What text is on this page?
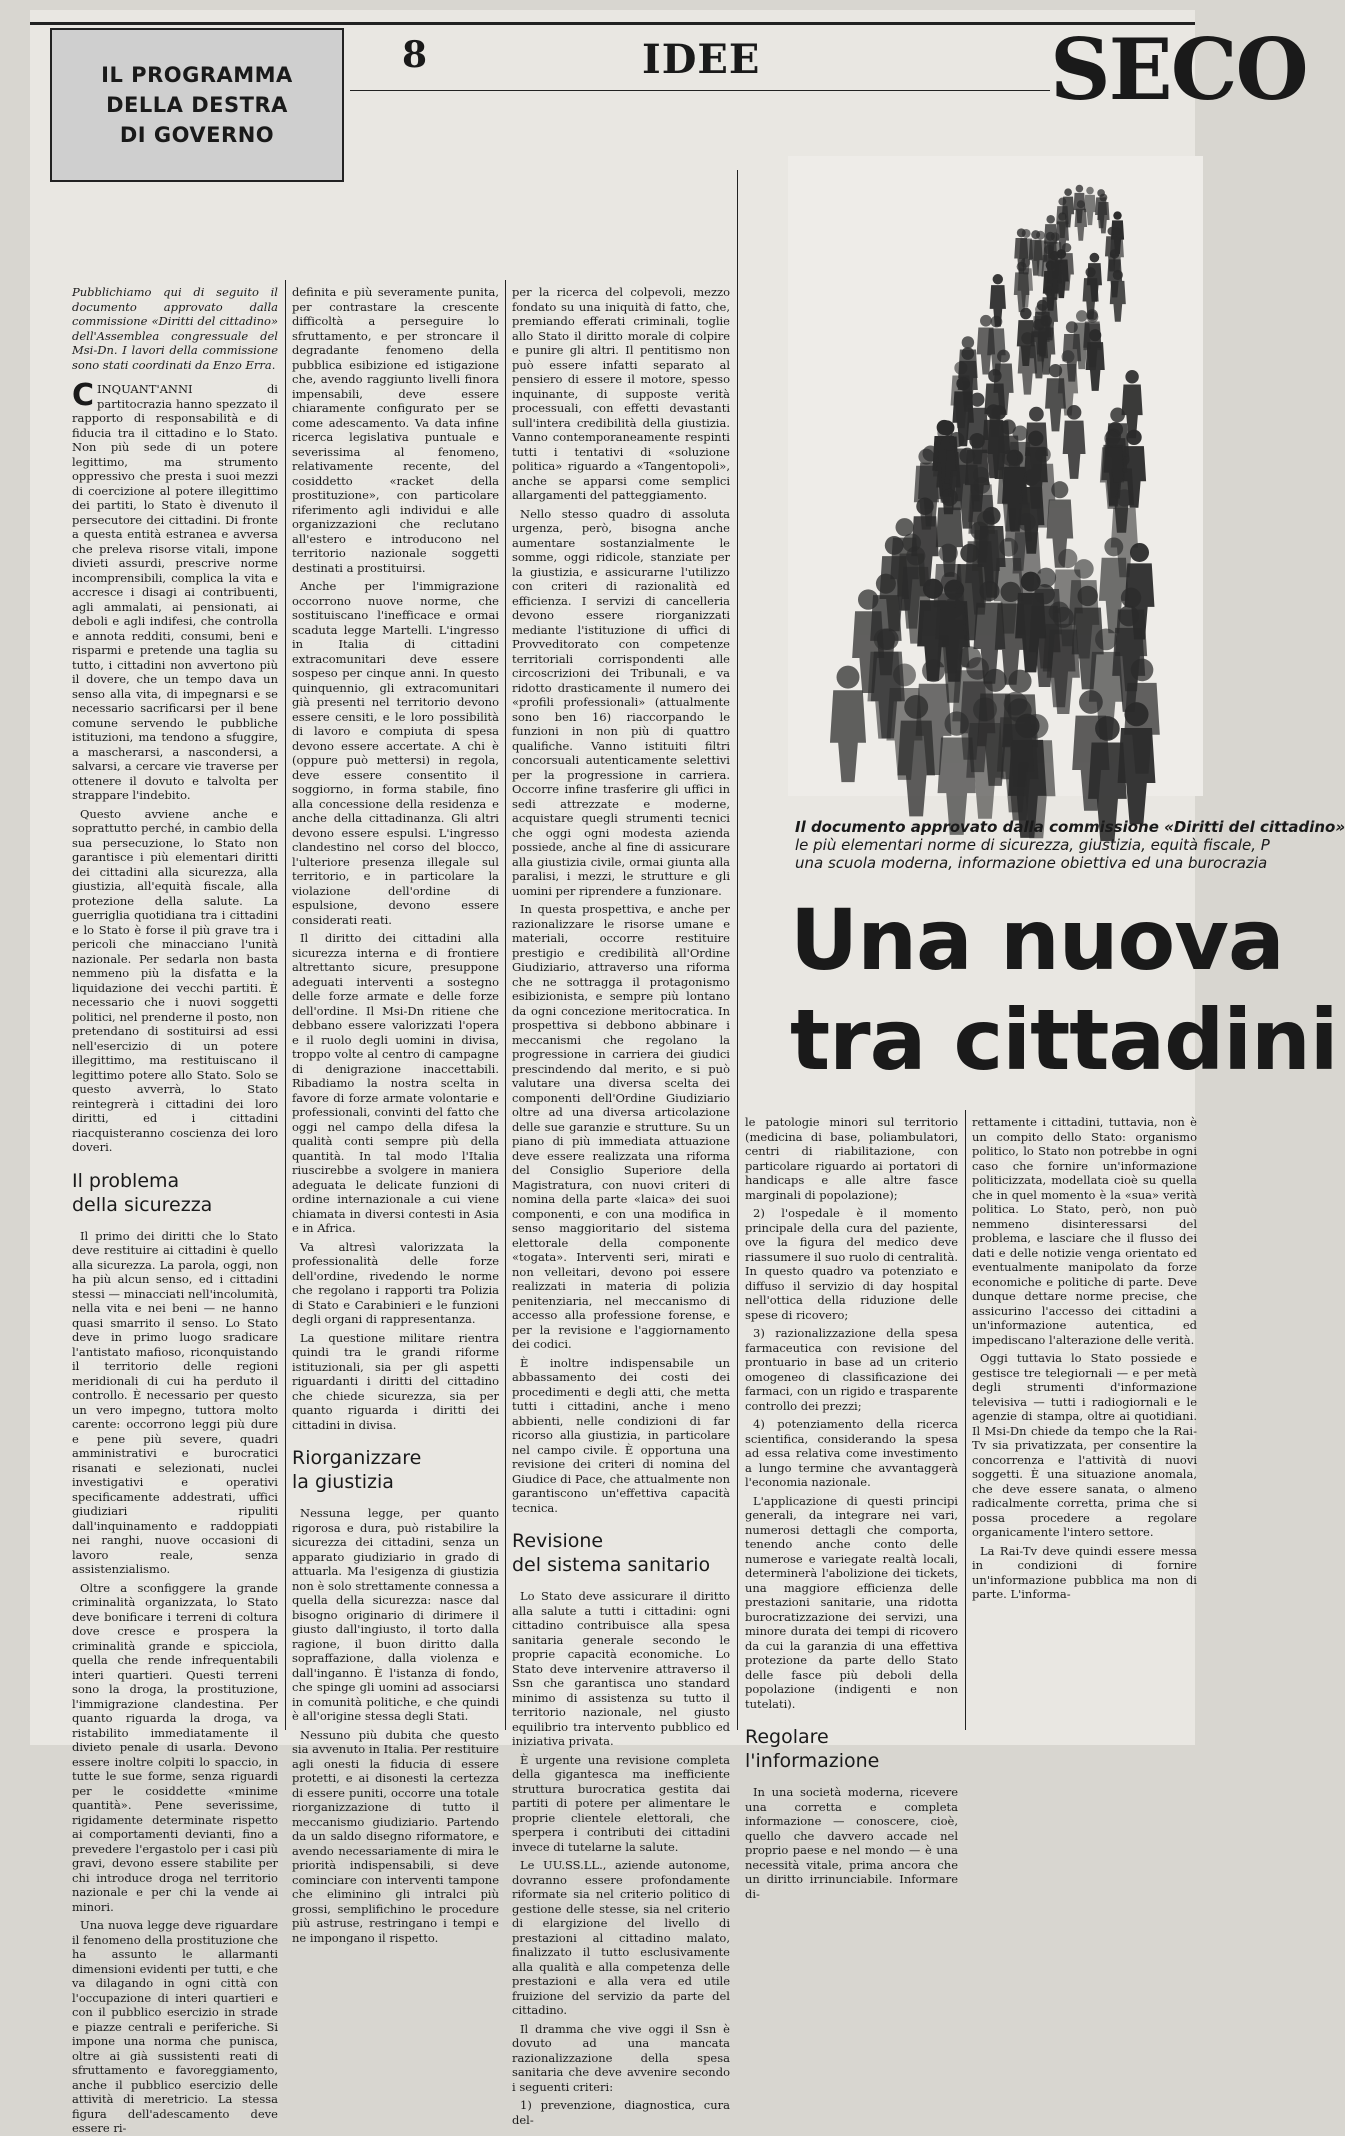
IL PROGRAMMA
DELLA DESTRA
DI GOVERNO
8	IDEE	SECO
Pubblichiamo qui di seguito il documento approvato dalla commissione «Diritti del cittadino» dell'Assemblea congressuale del Msi-Dn. I lavori della commissione sono stati coordinati da Enzo Erra.

CINQUANT'ANNI di partitocrazia hanno spezzato il rapporto di responsabilità e di fiducia tra il cittadino e lo Stato. Non più sede di un potere legittimo, ma strumento oppressivo che presta i suoi mezzi di coercizione al potere illegittimo dei partiti, lo Stato è divenuto il persecutore dei cittadini. Di fronte a questa entità estranea e avversa che preleva risorse vitali, impone divieti assurdi, prescrive norme incomprensibili, complica la vita e accresce i disagi ai contribuenti, agli ammalati, ai pensionati, ai deboli e agli indifesi, che controlla e annota redditi, consumi, beni e risparmi e pretende una taglia su tutto, i cittadini non avvertono più il dovere, che un tempo dava un senso alla vita, di impegnarsi e se necessario sacrificarsi per il bene comune servendo le pubbliche istituzioni, ma tendono a sfuggire, a mascherarsi, a nascondersi, a salvarsi, a cercare vie traverse per ottenere il dovuto e talvolta per strappare l'indebito.

Questo avviene anche e soprattutto perché, in cambio della sua persecuzione, lo Stato non garantisce i più elementari diritti dei cittadini alla sicurezza, alla giustizia, all'equità fiscale, alla protezione della salute. La guerriglia quotidiana tra i cittadini e lo Stato è forse il più grave tra i pericoli che minacciano l'unità nazionale. Per sedarla non basta nemmeno più la disfatta e la liquidazione dei vecchi partiti. È necessario che i nuovi soggetti politici, nel prenderne il posto, non pretendano di sostituirsi ad essi nell'esercizio di un potere illegittimo, ma restituiscano il legittimo potere allo Stato. Solo se questo avverrà, lo Stato reintegrerà i cittadini dei loro diritti, ed i cittadini riacquisteranno coscienza dei loro doveri.

Il problema
della sicurezza

Il primo dei diritti che lo Stato deve restituire ai cittadini è quello alla sicurezza. La parola, oggi, non ha più alcun senso, ed i cittadini stessi — minacciati nell'incolumità, nella vita e nei beni — ne hanno quasi smarrito il senso. Lo Stato deve in primo luogo sradicare l'antistato mafioso, riconquistando il territorio delle regioni meridionali di cui ha perduto il controllo. È necessario per questo un vero impegno, tuttora molto carente: occorrono leggi più dure e pene più severe, quadri amministrativi e burocratici risanati e selezionati, nuclei investigativi e operativi specificamente addestrati, uffici giudiziari ripuliti dall'inquinamento e raddoppiati nei ranghi, nuove occasioni di lavoro reale, senza assistenzialismo.

Oltre a sconfiggere la grande criminalità organizzata, lo Stato deve bonificare i terreni di coltura dove cresce e prospera la criminalità grande e spicciola, quella che rende infrequentabili interi quartieri. Questi terreni sono la droga, la prostituzione, l'immigrazione clandestina. Per quanto riguarda la droga, va ristabilito immediatamente il divieto penale di usarla. Devono essere inoltre colpiti lo spaccio, in tutte le sue forme, senza riguardi per le cosiddette «minime quantità». Pene severissime, rigidamente determinate rispetto ai comportamenti devianti, fino a prevedere l'ergastolo per i casi più gravi, devono essere stabilite per chi introduce droga nel territorio nazionale e per chi la vende ai minori.

Una nuova legge deve riguardare il fenomeno della prostituzione che ha assunto le allarmanti dimensioni evidenti per tutti, e che va dilagando in ogni città con l'occupazione di interi quartieri e con il pubblico esercizio in strade e piazze centrali e periferiche. Si impone una norma che punisca, oltre ai già sussistenti reati di sfruttamento e favoreggiamento, anche il pubblico esercizio delle attività di meretricio. La stessa figura dell'adescamento deve essere ri-

definita e più severamente punita, per contrastare la crescente difficoltà a perseguire lo sfruttamento, e per stroncare il degradante fenomeno della pubblica esibizione ed istigazione che, avendo raggiunto livelli finora impensabili, deve essere chiaramente configurato per se come adescamento. Va data infine ricerca legislativa puntuale e severissima al fenomeno, relativamente recente, del cosiddetto «racket della prostituzione», con particolare riferimento agli individui e alle organizzazioni che reclutano all'estero e introducono nel territorio nazionale soggetti destinati a prostituirsi.

Anche per l'immigrazione occorrono nuove norme, che sostituiscano l'inefficace e ormai scaduta legge Martelli. L'ingresso in Italia di cittadini extracomunitari deve essere sospeso per cinque anni. In questo quinquennio, gli extracomunitari già presenti nel territorio devono essere censiti, e le loro possibilità di lavoro e compiuta di spesa devono essere accertate. A chi è (oppure può mettersi) in regola, deve essere consentito il soggiorno, in forma stabile, fino alla concessione della residenza e anche della cittadinanza. Gli altri devono essere espulsi. L'ingresso clandestino nel corso del blocco, l'ulteriore presenza illegale sul territorio, e in particolare la violazione dell'ordine di espulsione, devono essere considerati reati.

Il diritto dei cittadini alla sicurezza interna e di frontiere altrettanto sicure, presuppone adeguati interventi a sostegno delle forze armate e delle forze dell'ordine. Il Msi-Dn ritiene che debbano essere valorizzati l'opera e il ruolo degli uomini in divisa, troppo volte al centro di campagne di denigrazione inaccettabili. Ribadiamo la nostra scelta in favore di forze armate volontarie e professionali, convinti del fatto che oggi nel campo della difesa la qualità conti sempre più della quantità. In tal modo l'Italia riuscirebbe a svolgere in maniera adeguata le delicate funzioni di ordine internazionale a cui viene chiamata in diversi contesti in Asia e in Africa.

Va altresì valorizzata la professionalità delle forze dell'ordine, rivedendo le norme che regolano i rapporti tra Polizia di Stato e Carabinieri e le funzioni degli organi di rappresentanza.

La questione militare rientra quindi tra le grandi riforme istituzionali, sia per gli aspetti riguardanti i diritti del cittadino che chiede sicurezza, sia per quanto riguarda i diritti dei cittadini in divisa.

Riorganizzare
la giustizia

Nessuna legge, per quanto rigorosa e dura, può ristabilire la sicurezza dei cittadini, senza un apparato giudiziario in grado di attuarla. Ma l'esigenza di giustizia non è solo strettamente connessa a quella della sicurezza: nasce dal bisogno originario di dirimere il giusto dall'ingiusto, il torto dalla ragione, il buon diritto dalla sopraffazione, dalla violenza e dall'inganno. È l'istanza di fondo, che spinge gli uomini ad associarsi in comunità politiche, e che quindi è all'origine stessa degli Stati.

Nessuno più dubita che questo sia avvenuto in Italia. Per restituire agli onesti la fiducia di essere protetti, e ai disonesti la certezza di essere puniti, occorre una totale riorganizzazione di tutto il meccanismo giudiziario. Partendo da un saldo disegno riformatore, e avendo necessariamente di mira le priorità indispensabili, si deve cominciare con interventi tampone che eliminino gli intralci più grossi, semplifichino le procedure più astruse, restringano i tempi e ne impongano il rispetto.

per la ricerca del colpevoli, mezzo fondato su una iniquità di fatto, che, premiando efferati criminali, toglie allo Stato il diritto morale di colpire e punire gli altri. Il pentitismo non può essere infatti separato al pensiero di essere il motore, spesso inquinante, di supposte verità processuali, con effetti devastanti sull'intera credibilità della giustizia. Vanno contemporaneamente respinti tutti i tentativi di «soluzione politica» riguardo a «Tangentopoli», anche se apparsi come semplici allargamenti del patteggiamento.

Nello stesso quadro di assoluta urgenza, però, bisogna anche aumentare sostanzialmente le somme, oggi ridicole, stanziate per la giustizia, e assicurarne l'utilizzo con criteri di razionalità ed efficienza. I servizi di cancelleria devono essere riorganizzati mediante l'istituzione di uffici di Provveditorato con competenze territoriali corrispondenti alle circoscrizioni dei Tribunali, e va ridotto drasticamente il numero dei «profili professionali» (attualmente sono ben 16) riaccorpando le funzioni in non più di quattro qualifiche. Vanno istituiti filtri concorsuali autenticamente selettivi per la progressione in carriera. Occorre infine trasferire gli uffici in sedi attrezzate e moderne, acquistare quegli strumenti tecnici che oggi ogni modesta azienda possiede, anche al fine di assicurare alla giustizia civile, ormai giunta alla paralisi, i mezzi, le strutture e gli uomini per riprendere a funzionare.

In questa prospettiva, e anche per razionalizzare le risorse umane e materiali, occorre restituire prestigio e credibilità all'Ordine Giudiziario, attraverso una riforma che ne sottragga il protagonismo esibizionista, e sempre più lontano da ogni concezione meritocratica. In prospettiva si debbono abbinare i meccanismi che regolano la progressione in carriera dei giudici prescindendo dal merito, e si può valutare una diversa scelta dei componenti dell'Ordine Giudiziario oltre ad una diversa articolazione delle sue garanzie e strutture. Su un piano di più immediata attuazione deve essere realizzata una riforma del Consiglio Superiore della Magistratura, con nuovi criteri di nomina della parte «laica» dei suoi componenti, e con una modifica in senso maggioritario del sistema elettorale della componente «togata». Interventi seri, mirati e non velleitari, devono poi essere realizzati in materia di polizia penitenziaria, nel meccanismo di accesso alla professione forense, e per la revisione e l'aggiornamento dei codici.

È inoltre indispensabile un abbassamento dei costi dei procedimenti e degli atti, che metta tutti i cittadini, anche i meno abbienti, nelle condizioni di far ricorso alla giustizia, in particolare nel campo civile. È opportuna una revisione dei criteri di nomina del Giudice di Pace, che attualmente non garantiscono un'effettiva capacità tecnica.

Revisione
del sistema sanitario

Lo Stato deve assicurare il diritto alla salute a tutti i cittadini: ogni cittadino contribuisce alla spesa sanitaria generale secondo le proprie capacità economiche. Lo Stato deve intervenire attraverso il Ssn che garantisca uno standard minimo di assistenza su tutto il territorio nazionale, nel giusto equilibrio tra intervento pubblico ed iniziativa privata.

È urgente una revisione completa della gigantesca ma inefficiente struttura burocratica gestita dai partiti di potere per alimentare le proprie clientele elettorali, che sperpera i contributi dei cittadini invece di tutelarne la salute.

Le UU.SS.LL., aziende autonome, dovranno essere profondamente riformate sia nel criterio politico di gestione delle stesse, sia nel criterio di elargizione del livello di prestazioni al cittadino malato, finalizzato il tutto esclusivamente alla qualità e alla competenza delle prestazioni e alla vera ed utile fruizione del servizio da parte del cittadino.

Il dramma che vive oggi il Ssn è dovuto ad una mancata razionalizzazione della spesa sanitaria che deve avvenire secondo i seguenti criteri:

1) prevenzione, diagnostica, cura del-

Il documento approvato dalla commissione «Diritti del cittadino»
le più elementari norme di sicurezza, giustizia, equità fiscale, P
una scuola moderna, informazione obiettiva ed una burocrazia
Una nuova
tra cittadini

le patologie minori sul territorio (medicina di base, poliambulatori, centri di riabilitazione, con particolare riguardo ai portatori di handicaps e alle altre fasce marginali di popolazione);

2) l'ospedale è il momento principale della cura del paziente, ove la figura del medico deve riassumere il suo ruolo di centralità. In questo quadro va potenziato e diffuso il servizio di day hospital nell'ottica della riduzione delle spese di ricovero;

3) razionalizzazione della spesa farmaceutica con revisione del prontuario in base ad un criterio omogeneo di classificazione dei farmaci, con un rigido e trasparente controllo dei prezzi;

4) potenziamento della ricerca scientifica, considerando la spesa ad essa relativa come investimento a lungo termine che avvantaggerà l'economia nazionale.

L'applicazione di questi principi generali, da integrare nei vari, numerosi dettagli che comporta, tenendo anche conto delle numerose e variegate realtà locali, determinerà l'abolizione dei tickets, una maggiore efficienza delle prestazioni sanitarie, una ridotta burocratizzazione dei servizi, una minore durata dei tempi di ricovero da cui la garanzia di una effettiva protezione da parte dello Stato delle fasce più deboli della popolazione (indigenti e non tutelati).

Regolare
l'informazione

In una società moderna, ricevere una corretta e completa informazione — conoscere, cioè, quello che davvero accade nel proprio paese e nel mondo — è una necessità vitale, prima ancora che un diritto irrinunciabile. Informare di-

rettamente i cittadini, tuttavia, non è un compito dello Stato: organismo politico, lo Stato non potrebbe in ogni caso che fornire un'informazione politicizzata, modellata cioè su quella che in quel momento è la «sua» verità politica. Lo Stato, però, non può nemmeno disinteressarsi del problema, e lasciare che il flusso dei dati e delle notizie venga orientato ed eventualmente manipolato da forze economiche e politiche di parte. Deve dunque dettare norme precise, che assicurino l'accesso dei cittadini a un'informazione autentica, ed impediscano l'alterazione delle verità.

Oggi tuttavia lo Stato possiede e gestisce tre telegiornali — e per metà degli strumenti d'informazione televisiva — tutti i radiogiornali e le agenzie di stampa, oltre ai quotidiani. Il Msi-Dn chiede da tempo che la Rai-Tv sia privatizzata, per consentire la concorrenza e l'attività di nuovi soggetti. È una situazione anomala, che deve essere sanata, o almeno radicalmente corretta, prima che si possa procedere a regolare organicamente l'intero settore.

La Rai-Tv deve quindi essere messa in condizioni di fornire un'informazione pubblica ma non di parte. L'informa-
